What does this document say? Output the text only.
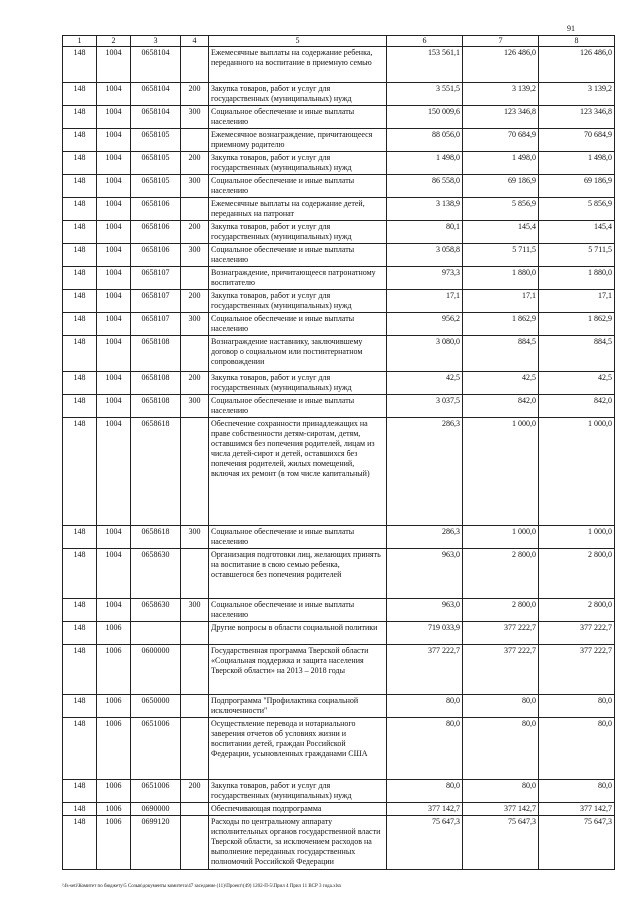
91
1	2	3	4	5	6	7	8
148	1004	0658104		Ежемесячные выплаты на содержание ребенка, переданного на воспитание в приемную семью	153 561,1	126 486,0	126 486,0
148	1004	0658104	200	Закупка товаров, работ и услуг для государственных (муниципальных) нужд	3 551,5	3 139,2	3 139,2
148	1004	0658104	300	Социальное обеспечение и иные выплаты населению	150 009,6	123 346,8	123 346,8
148	1004	0658105		Ежемесячное вознаграждение, причитающееся приемному родителю	88 056,0	70 684,9	70 684,9
148	1004	0658105	200	Закупка товаров, работ и услуг для государственных (муниципальных) нужд	1 498,0	1 498,0	1 498,0
148	1004	0658105	300	Социальное обеспечение и иные выплаты населению	86 558,0	69 186,9	69 186,9
148	1004	0658106		Ежемесячные выплаты на содержание детей, переданных на патронат	3 138,9	5 856,9	5 856,9
148	1004	0658106	200	Закупка товаров, работ и услуг для государственных (муниципальных) нужд	80,1	145,4	145,4
148	1004	0658106	300	Социальное обеспечение и иные выплаты населению	3 058,8	5 711,5	5 711,5
148	1004	0658107		Вознаграждение, причитающееся патронатному воспитателю	973,3	1 880,0	1 880,0
148	1004	0658107	200	Закупка товаров, работ и услуг для государственных (муниципальных) нужд	17,1	17,1	17,1
148	1004	0658107	300	Социальное обеспечение и иные выплаты населению	956,2	1 862,9	1 862,9
148	1004	0658108		Вознаграждение наставнику, заключившему договор о социальном или постинтернатном сопровождении	3 080,0	884,5	884,5
148	1004	0658108	200	Закупка товаров, работ и услуг для государственных (муниципальных) нужд	42,5	42,5	42,5
148	1004	0658108	300	Социальное обеспечение и иные выплаты населению	3 037,5	842,0	842,0
148	1004	0658618		Обеспечение сохранности принадлежащих на праве собственности детям-сиротам, детям, оставшимся без попечения родителей, лицам из числа детей-сирот и детей, оставшихся без попечения родителей, жилых помещений, включая их ремонт (в том числе капитальный)	286,3	1 000,0	1 000,0
148	1004	0658618	300	Социальное обеспечение и иные выплаты населению	286,3	1 000,0	1 000,0
148	1004	0658630		Организация подготовки лиц, желающих принять на воспитание в свою семью ребенка, оставшегося без попечения родителей	963,0	2 800,0	2 800,0
148	1004	0658630	300	Социальное обеспечение и иные выплаты населению	963,0	2 800,0	2 800,0
148	1006			Другие вопросы в области социальной политики	719 033,9	377 222,7	377 222,7
148	1006	0600000		Государственная программа Тверской области «Социальная поддержка и защита населения Тверской области» на 2013 – 2018 годы	377 222,7	377 222,7	377 222,7
148	1006	0650000		Подпрограмма "Профилактика социальной исключенности"	80,0	80,0	80,0
148	1006	0651006		Осуществление перевода и нотариального заверения отчетов об условиях жизни и воспитании детей, граждан Российской Федерации, усыновленных гражданами США	80,0	80,0	80,0
148	1006	0651006	200	Закупка товаров, работ и услуг для государственных (муниципальных) нужд	80,0	80,0	80,0
148	1006	0690000		Обеспечивающая подпрограмма	377 142,7	377 142,7	377 142,7
148	1006	0699120		Расходы по центральному аппарату исполнительных органов государственной власти Тверской области, за исключением расходов на выполнение переданных государственных полномочий Российской Федерации	75 647,3	75 647,3	75 647,3
\\fs-seti\Комитет по бюджету\5 Созыв\документы комитета\47 заседание (11)\Проект\(49) 1202-П-5\Прил 4 Прил 11 ВСР 3 года.xlsx
